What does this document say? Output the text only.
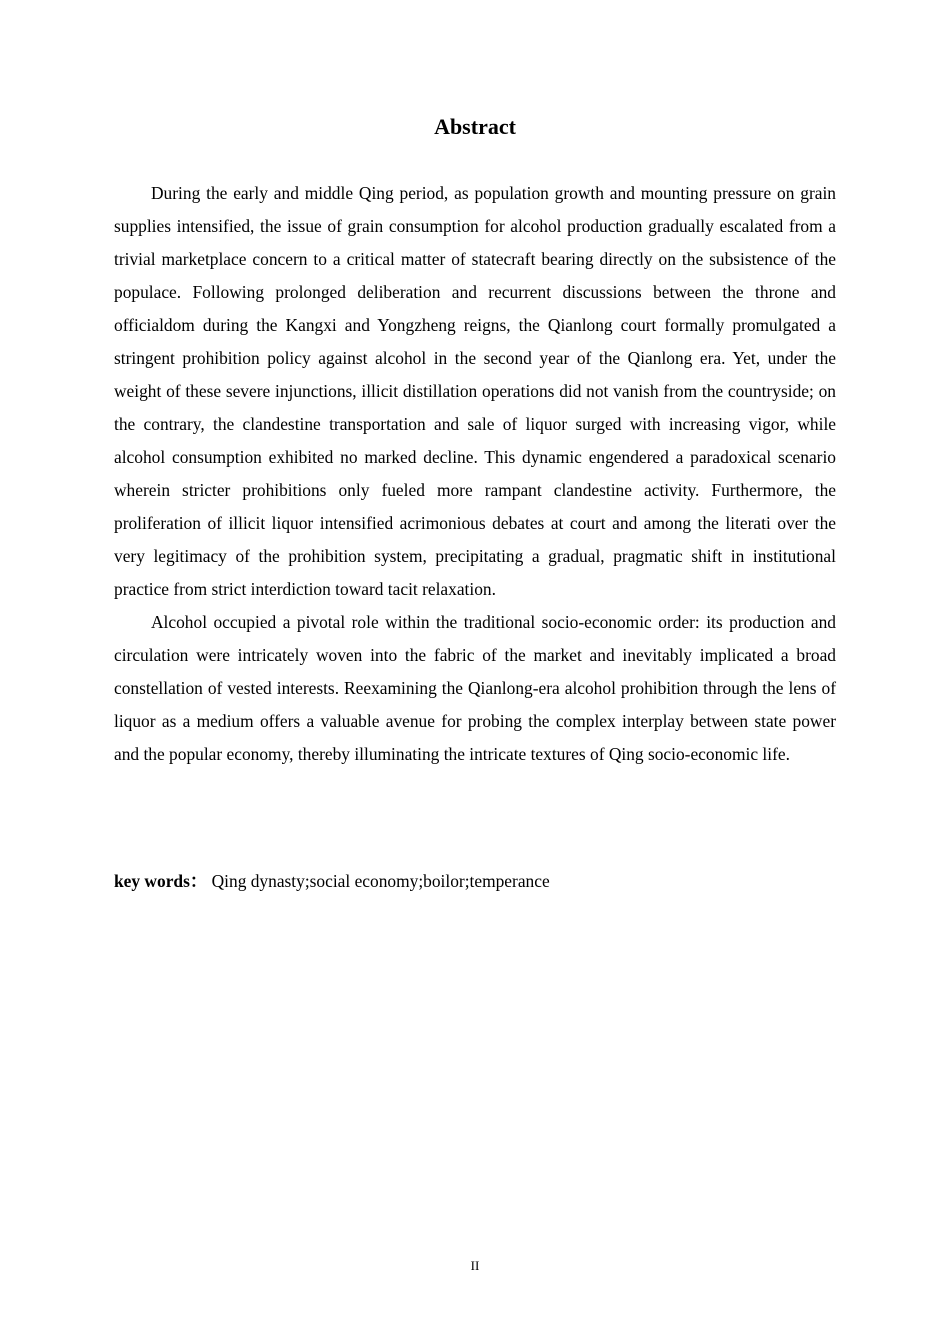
Abstract

During the early and middle Qing period, as population growth and mounting pressure on grain supplies intensified, the issue of grain consumption for alcohol production gradually escalated from a trivial marketplace concern to a critical matter of statecraft bearing directly on the subsistence of the populace. Following prolonged deliberation and recurrent discussions between the throne and officialdom during the Kangxi and Yongzheng reigns, the Qianlong court formally promulgated a stringent prohibition policy against alcohol in the second year of the Qianlong era. Yet, under the weight of these severe injunctions, illicit distillation operations did not vanish from the countryside; on the contrary, the clandestine transportation and sale of liquor surged with increasing vigor, while alcohol consumption exhibited no marked decline. This dynamic engendered a paradoxical scenario wherein stricter prohibitions only fueled more rampant clandestine activity. Furthermore, the proliferation of illicit liquor intensified acrimonious debates at court and among the literati over the very legitimacy of the prohibition system, precipitating a gradual, pragmatic shift in institutional practice from strict interdiction toward tacit relaxation.

Alcohol occupied a pivotal role within the traditional socio-economic order: its production and circulation were intricately woven into the fabric of the market and inevitably implicated a broad constellation of vested interests. Reexamining the Qianlong-era alcohol prohibition through the lens of liquor as a medium offers a valuable avenue for probing the complex interplay between state power and the popular economy, thereby illuminating the intricate textures of Qing socio-economic life.

key words： Qing dynasty;social economy;boilor;temperance

II
